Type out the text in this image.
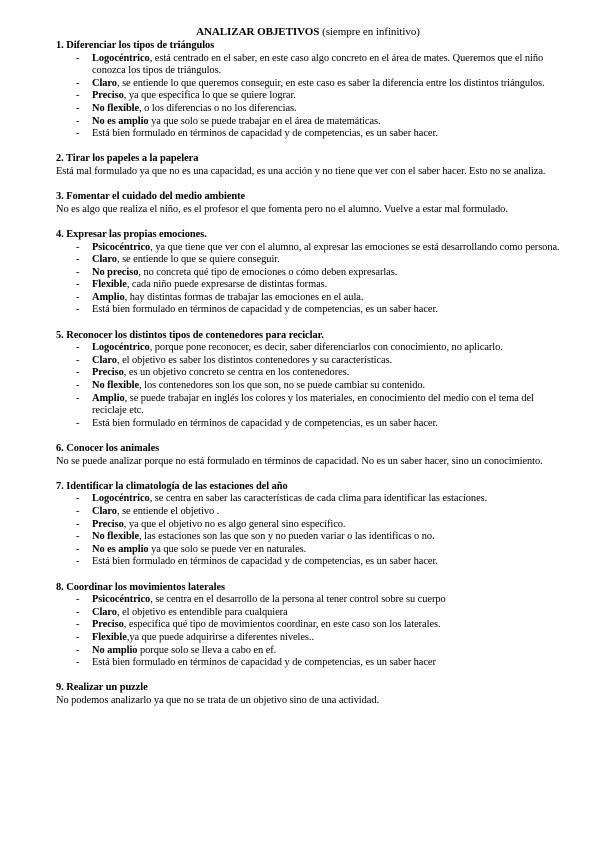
ANALIZAR OBJETIVOS (siempre en infinitivo)
1. Diferenciar los tipos de triángulos
- Logocéntrico, está centrado en el saber, en este caso algo concreto en el área de mates. Queremos que el niño conozca los tipos de triángulos.
- Claro, se entiende lo que queremos conseguir, en este caso es saber la diferencia entre los distintos triángulos.
- Preciso, ya que especifica lo que se quiere lograr.
- No flexible, o los diferencias o no los diferencias.
- No es amplio ya que solo se puede trabajar en el área de matemáticas.
- Está bien formulado en términos de capacidad y de competencias, es un saber hacer.
2. Tirar los papeles a la papelera
Está mal formulado ya que no es una capacidad, es una acción y no tiene que ver con el saber hacer. Esto no se analiza.
3. Fomentar el cuidado del medio ambiente
No es algo que realiza el niño, es el profesor el que fomenta pero no el alumno. Vuelve a estar mal formulado.
4. Expresar las propias emociones.
- Psicocéntrico, ya que tiene que ver con el alumno, al expresar las emociones se está desarrollando como persona.
- Claro, se entiende lo que se quiere conseguir.
- No preciso, no concreta qué tipo de emociones o cómo deben expresarlas.
- Flexible, cada niño puede expresarse de distintas formas.
- Amplio, hay distintas formas de trabajar las emociones en el aula.
- Está bien formulado en términos de capacidad y de competencias, es un saber hacer.
5. Reconocer los distintos tipos de contenedores para reciclar.
- Logocéntrico, porque pone reconocer, es decir, saber diferenciarlos con conocimiento, no aplicarlo.
- Claro, el objetivo es saber los distintos contenedores y su características.
- Preciso, es un objetivo concreto se centra en los contenedores.
- No flexible, los contenedores son los que son, no se puede cambiar su contenido.
- Amplio, se puede trabajar en inglés los colores y los materiales, en conocimiento del medio con el tema del reciclaje etc.
- Está bien formulado en términos de capacidad y de competencias, es un saber hacer.
6. Conocer los animales
No se puede analizar porque no está formulado en términos de capacidad. No es un saber hacer, sino un conocimiento.
7. Identificar la climatología de las estaciones del año
- Logocéntrico, se centra en saber las características de cada clima para identificar las estaciones.
- Claro, se entiende el objetivo .
- Preciso, ya que el objetivo no es algo general sino específico.
- No flexible, las estaciones son las que son y no pueden variar o las identificas o no.
- No es amplio ya que solo se puede ver en naturales.
- Está bien formulado en términos de capacidad y de competencias, es un saber hacer.
8. Coordinar los movimientos laterales
- Psicocéntrico, se centra en el desarrollo de la persona al tener control sobre su cuerpo
- Claro, el objetivo es entendible para cualquiera
- Preciso, especifica qué tipo de movimientos coordinar, en este caso son los laterales.
- Flexible,ya que puede adquirirse a diferentes niveles..
- No amplio porque solo se lleva a cabo en ef.
- Está bien formulado en términos de capacidad y de competencias, es un saber hacer
9. Realizar un puzzle
No podemos analizarlo ya que no se trata de un objetivo sino de una actividad.
